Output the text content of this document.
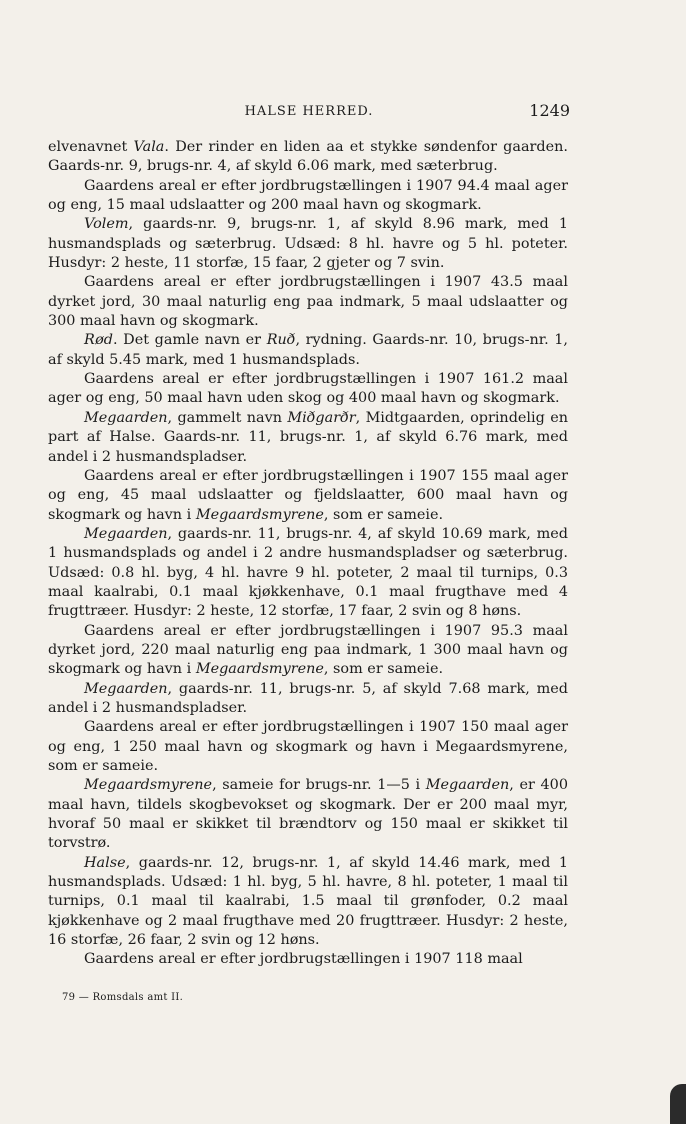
HALSE HERRED.	1249

elvenavnet Vala. Der rinder en liden aa et stykke søndenfor gaarden. Gaards-nr. 9, brugs-nr. 4, af skyld 6.06 mark, med sæterbrug.

Gaardens areal er efter jordbrugstællingen i 1907 94.4 maal ager og eng, 15 maal udslaatter og 200 maal havn og skogmark.

Volem, gaards-nr. 9, brugs-nr. 1, af skyld 8.96 mark, med 1 husmandsplads og sæterbrug. Udsæd: 8 hl. havre og 5 hl. poteter. Husdyr: 2 heste, 11 storfæ, 15 faar, 2 gjeter og 7 svin.

Gaardens areal er efter jordbrugstællingen i 1907 43.5 maal dyrket jord, 30 maal naturlig eng paa indmark, 5 maal udslaatter og 300 maal havn og skogmark.

Rød. Det gamle navn er Ruð, rydning. Gaards-nr. 10, brugs-nr. 1, af skyld 5.45 mark, med 1 husmandsplads.

Gaardens areal er efter jordbrugstællingen i 1907 161.2 maal ager og eng, 50 maal havn uden skog og 400 maal havn og skogmark.

Megaarden, gammelt navn Miðgarðr, Midtgaarden, oprindelig en part af Halse. Gaards-nr. 11, brugs-nr. 1, af skyld 6.76 mark, med andel i 2 husmandspladser.

Gaardens areal er efter jordbrugstællingen i 1907 155 maal ager og eng, 45 maal udslaatter og fjeldslaatter, 600 maal havn og skogmark og havn i Megaardsmyrene, som er sameie.

Megaarden, gaards-nr. 11, brugs-nr. 4, af skyld 10.69 mark, med 1 husmandsplads og andel i 2 andre husmandspladser og sæterbrug. Udsæd: 0.8 hl. byg, 4 hl. havre 9 hl. poteter, 2 maal til turnips, 0.3 maal kaalrabi, 0.1 maal kjøkkenhave, 0.1 maal frugthave med 4 frugttræer. Husdyr: 2 heste, 12 storfæ, 17 faar, 2 svin og 8 høns.

Gaardens areal er efter jordbrugstællingen i 1907 95.3 maal dyrket jord, 220 maal naturlig eng paa indmark, 1 300 maal havn og skogmark og havn i Megaardsmyrene, som er sameie.

Megaarden, gaards-nr. 11, brugs-nr. 5, af skyld 7.68 mark, med andel i 2 husmandspladser.

Gaardens areal er efter jordbrugstællingen i 1907 150 maal ager og eng, 1 250 maal havn og skogmark og havn i Megaardsmyrene, som er sameie.

Megaardsmyrene, sameie for brugs-nr. 1—5 i Megaarden, er 400 maal havn, tildels skogbevokset og skogmark. Der er 200 maal myr, hvoraf 50 maal er skikket til brændtorv og 150 maal er skikket til torvstrø.

Halse, gaards-nr. 12, brugs-nr. 1, af skyld 14.46 mark, med 1 husmandsplads. Udsæd: 1 hl. byg, 5 hl. havre, 8 hl. poteter, 1 maal til turnips, 0.1 maal til kaalrabi, 1.5 maal til grønfoder, 0.2 maal kjøkkenhave og 2 maal frugthave med 20 frugttræer. Husdyr: 2 heste, 16 storfæ, 26 faar, 2 svin og 12 høns.

Gaardens areal er efter jordbrugstællingen i 1907 118 maal

79 — Romsdals amt II.
